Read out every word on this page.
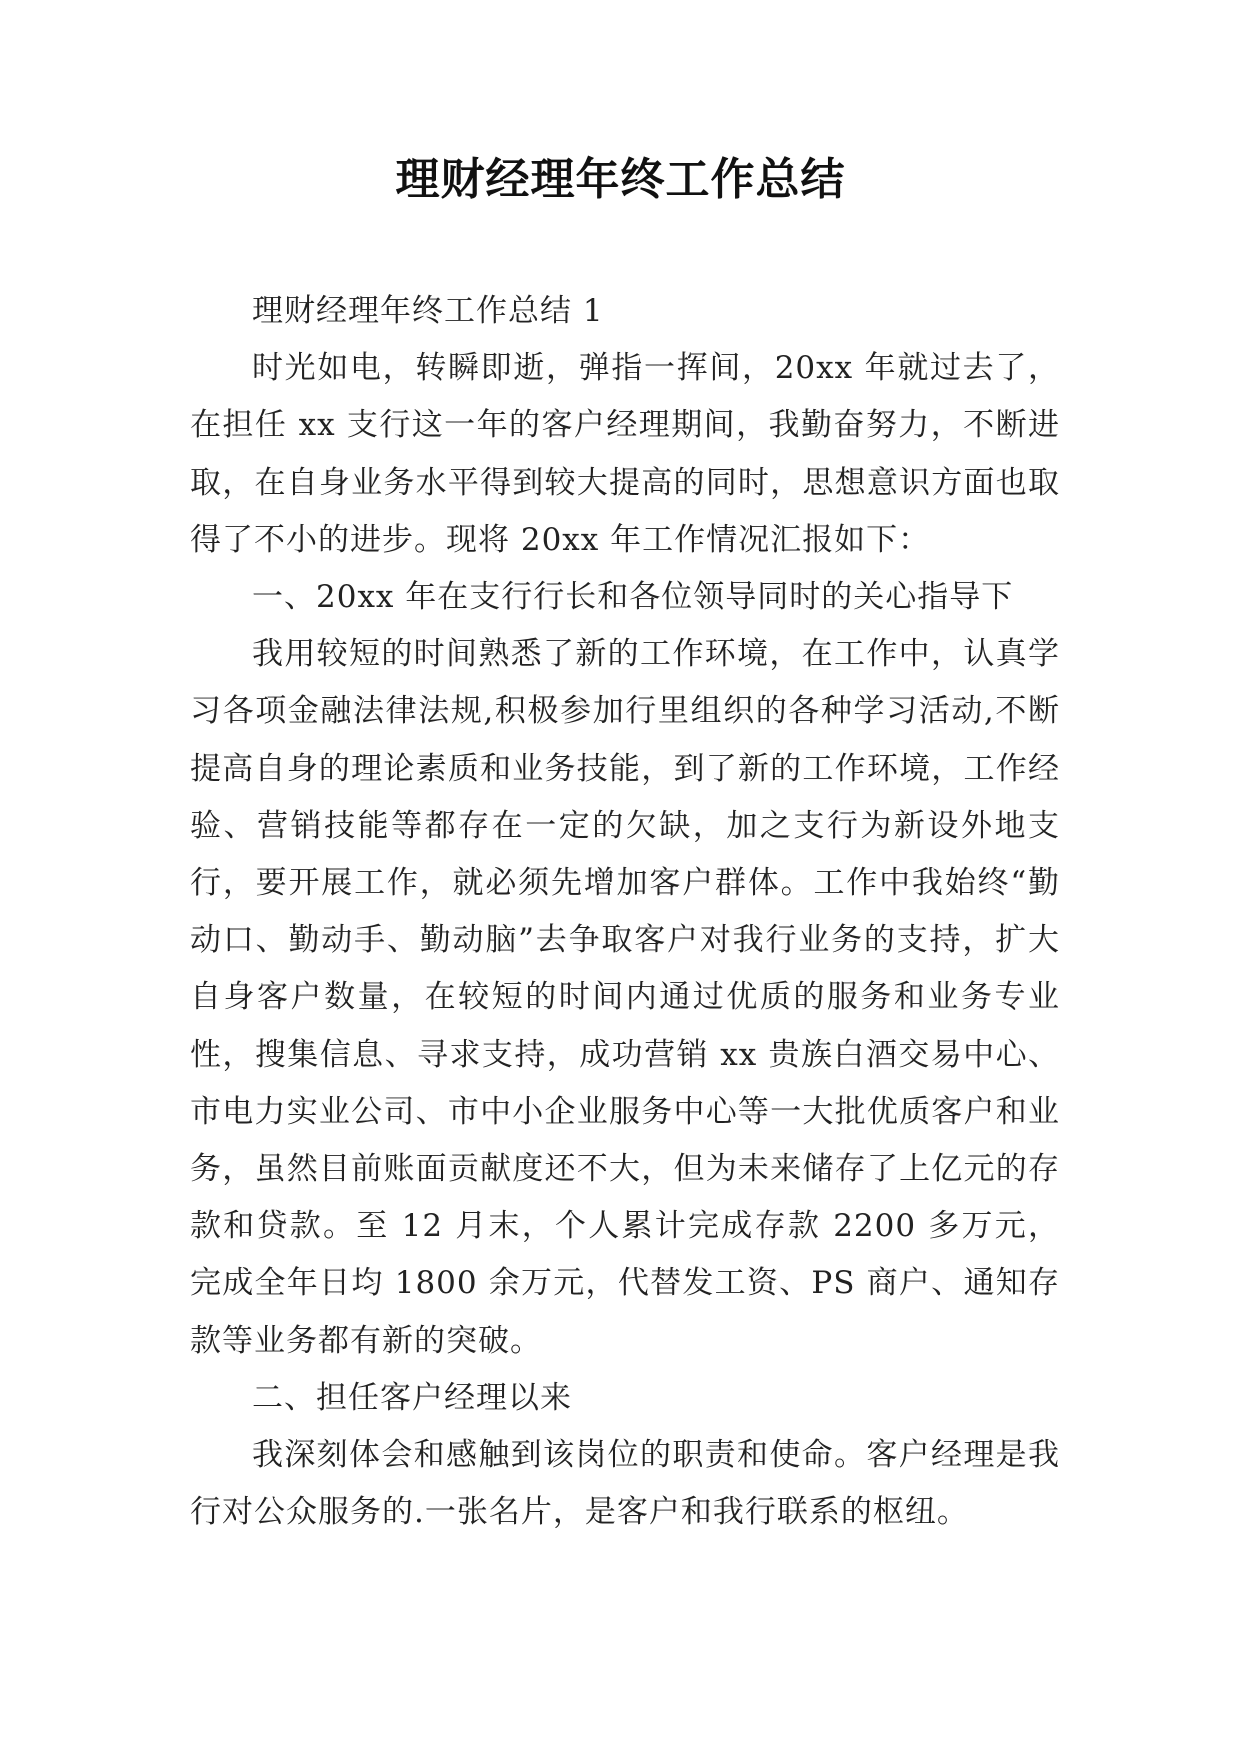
理财经理年终工作总结

理财经理年终工作总结 1

时光如电，转瞬即逝，弹指一挥间，20xx 年就过去了，在担任 xx 支行这一年的客户经理期间，我勤奋努力，不断进取，在自身业务水平得到较大提高的同时，思想意识方面也取得了不小的进步。现将 20xx 年工作情况汇报如下：

一、20xx 年在支行行长和各位领导同时的关心指导下

我用较短的时间熟悉了新的工作环境，在工作中，认真学习各项金融法律法规,积极参加行里组织的各种学习活动,不断提高自身的理论素质和业务技能，到了新的工作环境，工作经验、营销技能等都存在一定的欠缺，加之支行为新设外地支行，要开展工作，就必须先增加客户群体。工作中我始终“勤动口、勤动手、勤动脑”去争取客户对我行业务的支持，扩大自身客户数量，在较短的时间内通过优质的服务和业务专业性，搜集信息、寻求支持，成功营销 xx 贵族白酒交易中心、市电力实业公司、市中小企业服务中心等一大批优质客户和业务，虽然目前账面贡献度还不大，但为未来储存了上亿元的存款和贷款。至 12 月末，个人累计完成存款 2200 多万元，完成全年日均 1800 余万元，代替发工资、PS 商户、通知存款等业务都有新的突破。

二、担任客户经理以来

我深刻体会和感触到该岗位的职责和使命。客户经理是我行对公众服务的.一张名片，是客户和我行联系的枢纽。
